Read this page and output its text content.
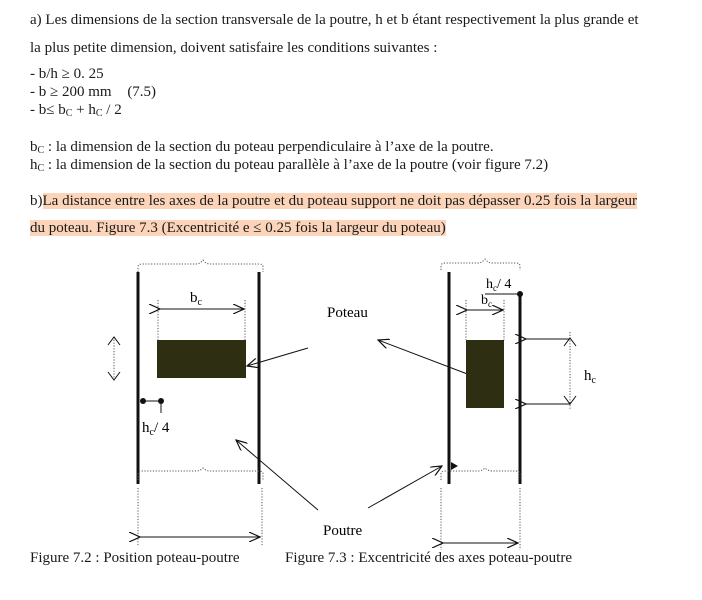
a) Les dimensions de la section transversale de la poutre, h et b étant respectivement la plus grande et
la plus petite dimension, doivent satisfaire les conditions suivantes :
- b/h ≥ 0. 25
- b ≥ 200 mm (7.5)
- $b\le b_C + h_C / 2$
$b_C$ : la dimension de la section du poteau perpendiculaire à l’axe de la poutre.
$h_C$ : la dimension de la section du poteau parallèle à l’axe de la poutre (voir figure 7.2)
b)La distance entre les axes de la poutre et du poteau support ne doit pas dépasser 0.25 fois la largeur
du poteau. Figure 7.3 (Excentricité e ≤ 0.25 fois la largeur du poteau)
$b_c$
$h_c/$ 4
Poteau
Poutre
$h_c/$ 4
$b_c$
$h_c$
Figure 7.2 : Position poteau-poutre	Figure 7.3 : Excentricité des axes poteau-poutre
